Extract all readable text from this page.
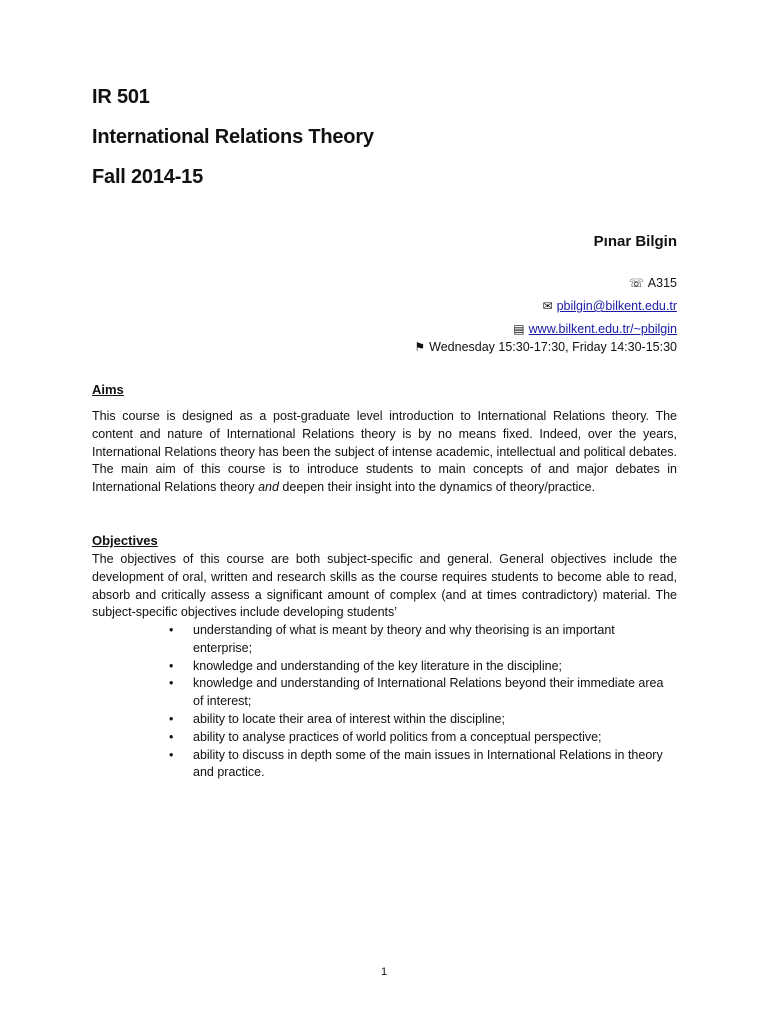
IR 501
International Relations Theory
Fall 2014-15
Pınar Bilgin
☏ A315
✉ pbilgin@bilkent.edu.tr
▤ www.bilkent.edu.tr/~pbilgin
⚑ Wednesday 15:30-17:30, Friday 14:30-15:30
Aims
This course is designed as a post-graduate level introduction to International Relations theory. The content and nature of International Relations theory is by no means fixed. Indeed, over the years, International Relations theory has been the subject of intense academic, intellectual and political debates. The main aim of this course is to introduce students to main concepts of and major debates in International Relations theory and deepen their insight into the dynamics of theory/practice.
Objectives
The objectives of this course are both subject-specific and general. General objectives include the development of oral, written and research skills as the course requires students to become able to read, absorb and critically assess a significant amount of complex (and at times contradictory) material. The subject-specific objectives include developing students’
• understanding of what is meant by theory and why theorising is an important enterprise;
• knowledge and understanding of the key literature in the discipline;
• knowledge and understanding of International Relations beyond their immediate area of interest;
• ability to locate their area of interest within the discipline;
• ability to analyse practices of world politics from a conceptual perspective;
• ability to discuss in depth some of the main issues in International Relations in theory and practice.
1
